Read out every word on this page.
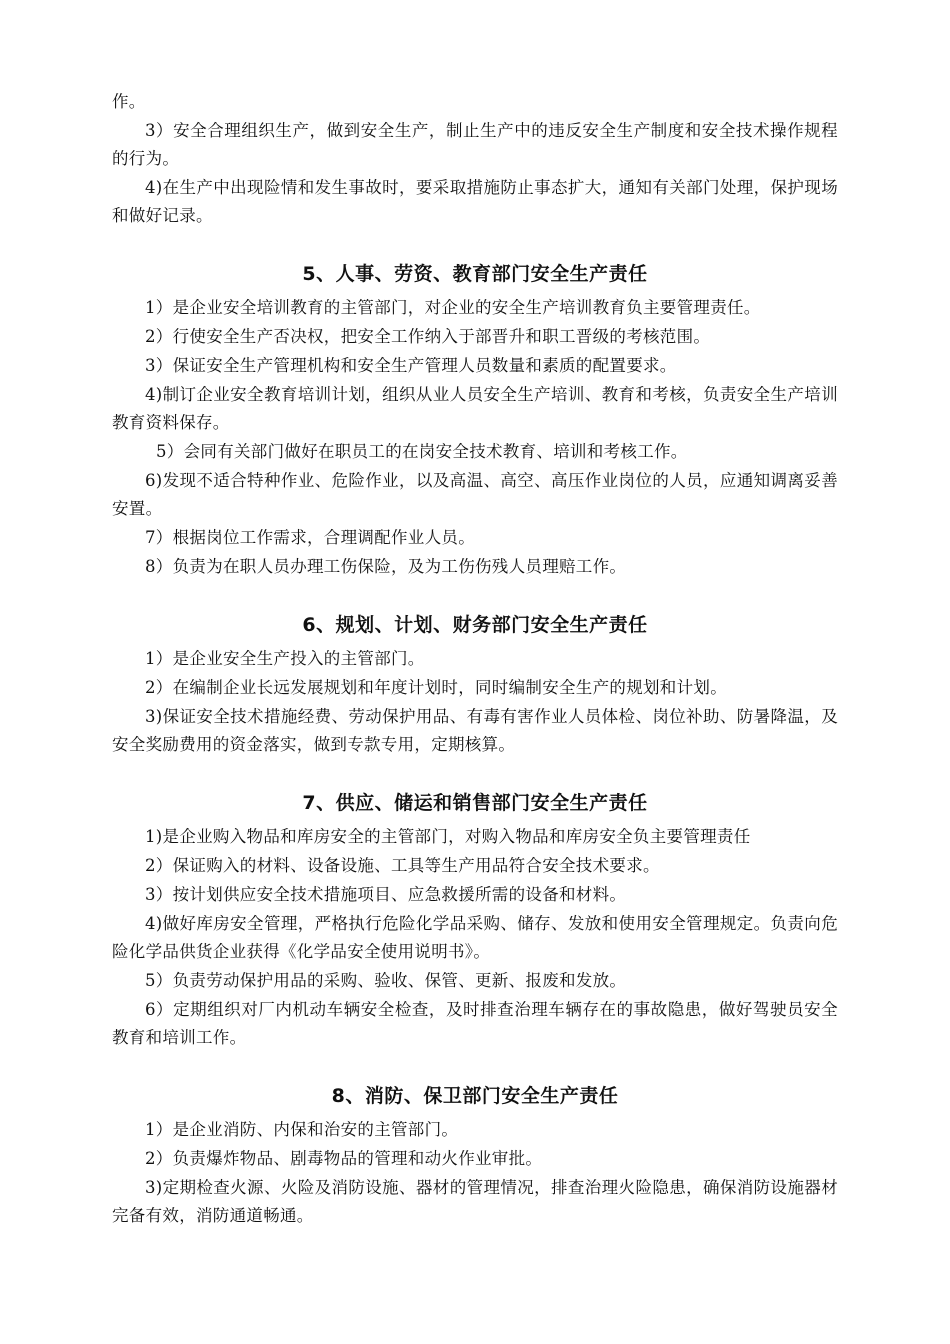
作。

3）安全合理组织生产，做到安全生产，制止生产中的违反安全生产制度和安全技术操作规程的行为。

4)在生产中出现险情和发生事故时，要采取措施防止事态扩大，通知有关部门处理，保护现场和做好记录。

5、人事、劳资、教育部门安全生产责任

1）是企业安全培训教育的主管部门，对企业的安全生产培训教育负主要管理责任。

2）行使安全生产否决权，把安全工作纳入于部晋升和职工晋级的考核范围。

3）保证安全生产管理机构和安全生产管理人员数量和素质的配置要求。

4)制订企业安全教育培训计划，组织从业人员安全生产培训、教育和考核，负责安全生产培训教育资料保存。

5）会同有关部门做好在职员工的在岗安全技术教育、培训和考核工作。

6)发现不适合特种作业、危险作业，以及高温、高空、高压作业岗位的人员，应通知调离妥善安置。

7）根据岗位工作需求，合理调配作业人员。

8）负责为在职人员办理工伤保险，及为工伤伤残人员理赔工作。

6、规划、计划、财务部门安全生产责任

1）是企业安全生产投入的主管部门。

2）在编制企业长远发展规划和年度计划时，同时编制安全生产的规划和计划。

3)保证安全技术措施经费、劳动保护用品、有毒有害作业人员体检、岗位补助、防暑降温，及安全奖励费用的资金落实，做到专款专用，定期核算。

7、供应、储运和销售部门安全生产责任

1)是企业购入物品和库房安全的主管部门，对购入物品和库房安全负主要管理责任

2）保证购入的材料、设备设施、工具等生产用品符合安全技术要求。

3）按计划供应安全技术措施项目、应急救援所需的设备和材料。

4)做好库房安全管理，严格执行危险化学品采购、储存、发放和使用安全管理规定。负责向危险化学品供货企业获得《化学品安全使用说明书》。

5）负责劳动保护用品的采购、验收、保管、更新、报废和发放。

6）定期组织对厂内机动车辆安全检查，及时排查治理车辆存在的事故隐患，做好驾驶员安全教育和培训工作。

8、消防、保卫部门安全生产责任

1）是企业消防、内保和治安的主管部门。

2）负责爆炸物品、剧毒物品的管理和动火作业审批。

3)定期检查火源、火险及消防设施、器材的管理情况，排查治理火险隐患，确保消防设施器材完备有效，消防通道畅通。
